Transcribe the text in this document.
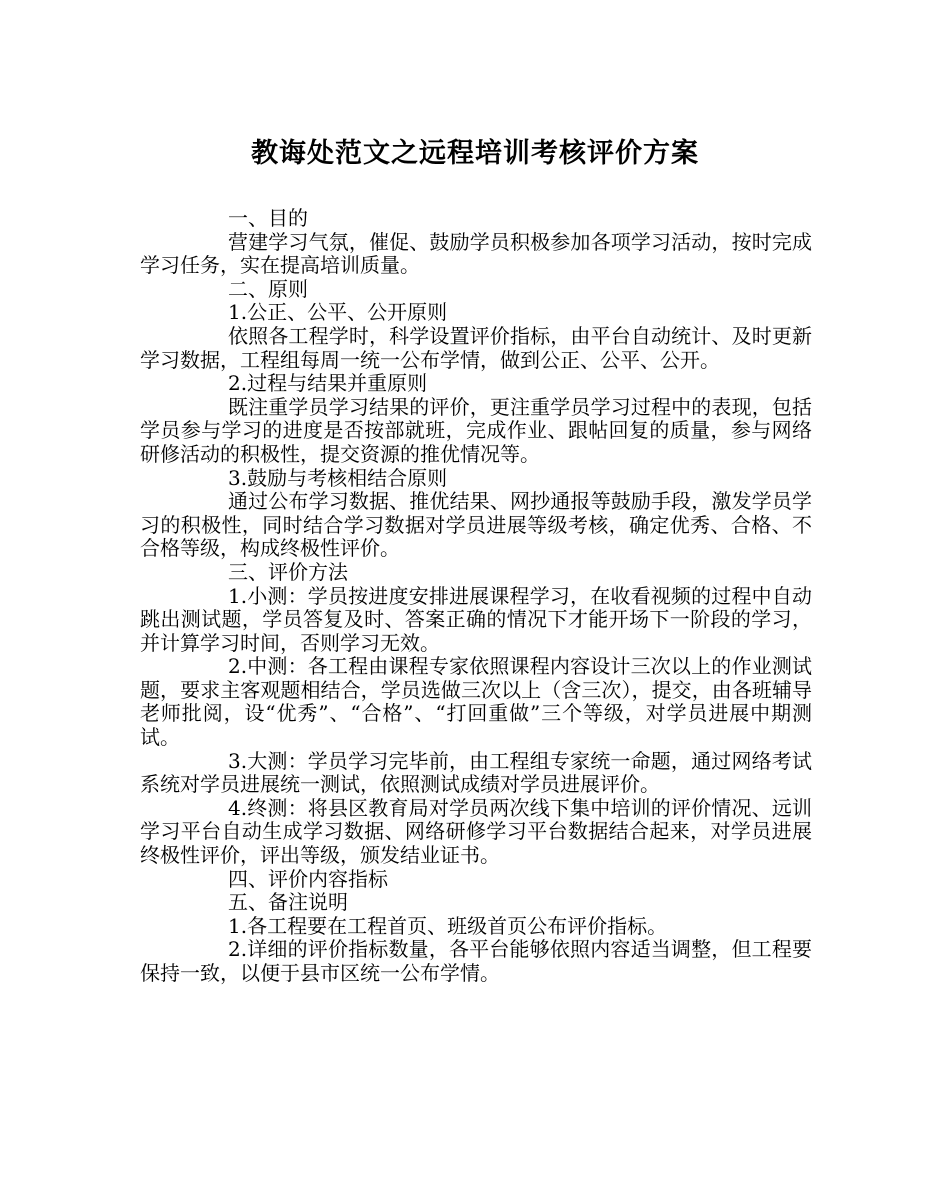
教诲处范文之远程培训考核评价方案

一、目的

营建学习气氛，催促、鼓励学员积极参加各项学习活动，按时完成学习任务，实在提高培训质量。

二、原则

1.公正、公平、公开原则

依照各工程学时，科学设置评价指标，由平台自动统计、及时更新学习数据，工程组每周一统一公布学情，做到公正、公平、公开。

2.过程与结果并重原则

既注重学员学习结果的评价，更注重学员学习过程中的表现，包括学员参与学习的进度是否按部就班，完成作业、跟帖回复的质量，参与网络研修活动的积极性，提交资源的推优情况等。

3.鼓励与考核相结合原则

通过公布学习数据、推优结果、网抄通报等鼓励手段，激发学员学习的积极性，同时结合学习数据对学员进展等级考核，确定优秀、合格、不合格等级，构成终极性评价。

三、评价方法

1.小测：学员按进度安排进展课程学习，在收看视频的过程中自动跳出测试题，学员答复及时、答案正确的情况下才能开场下一阶段的学习，并计算学习时间，否则学习无效。

2.中测：各工程由课程专家依照课程内容设计三次以上的作业测试题，要求主客观题相结合，学员选做三次以上（含三次），提交，由各班辅导老师批阅，设“优秀”、“合格”、“打回重做”三个等级，对学员进展中期测试。

3.大测：学员学习完毕前，由工程组专家统一命题，通过网络考试系统对学员进展统一测试，依照测试成绩对学员进展评价。

4.终测：将县区教育局对学员两次线下集中培训的评价情况、远训学习平台自动生成学习数据、网络研修学习平台数据结合起来，对学员进展终极性评价，评出等级，颁发结业证书。

四、评价内容指标

五、备注说明

1.各工程要在工程首页、班级首页公布评价指标。

2.详细的评价指标数量，各平台能够依照内容适当调整，但工程要保持一致，以便于县市区统一公布学情。
